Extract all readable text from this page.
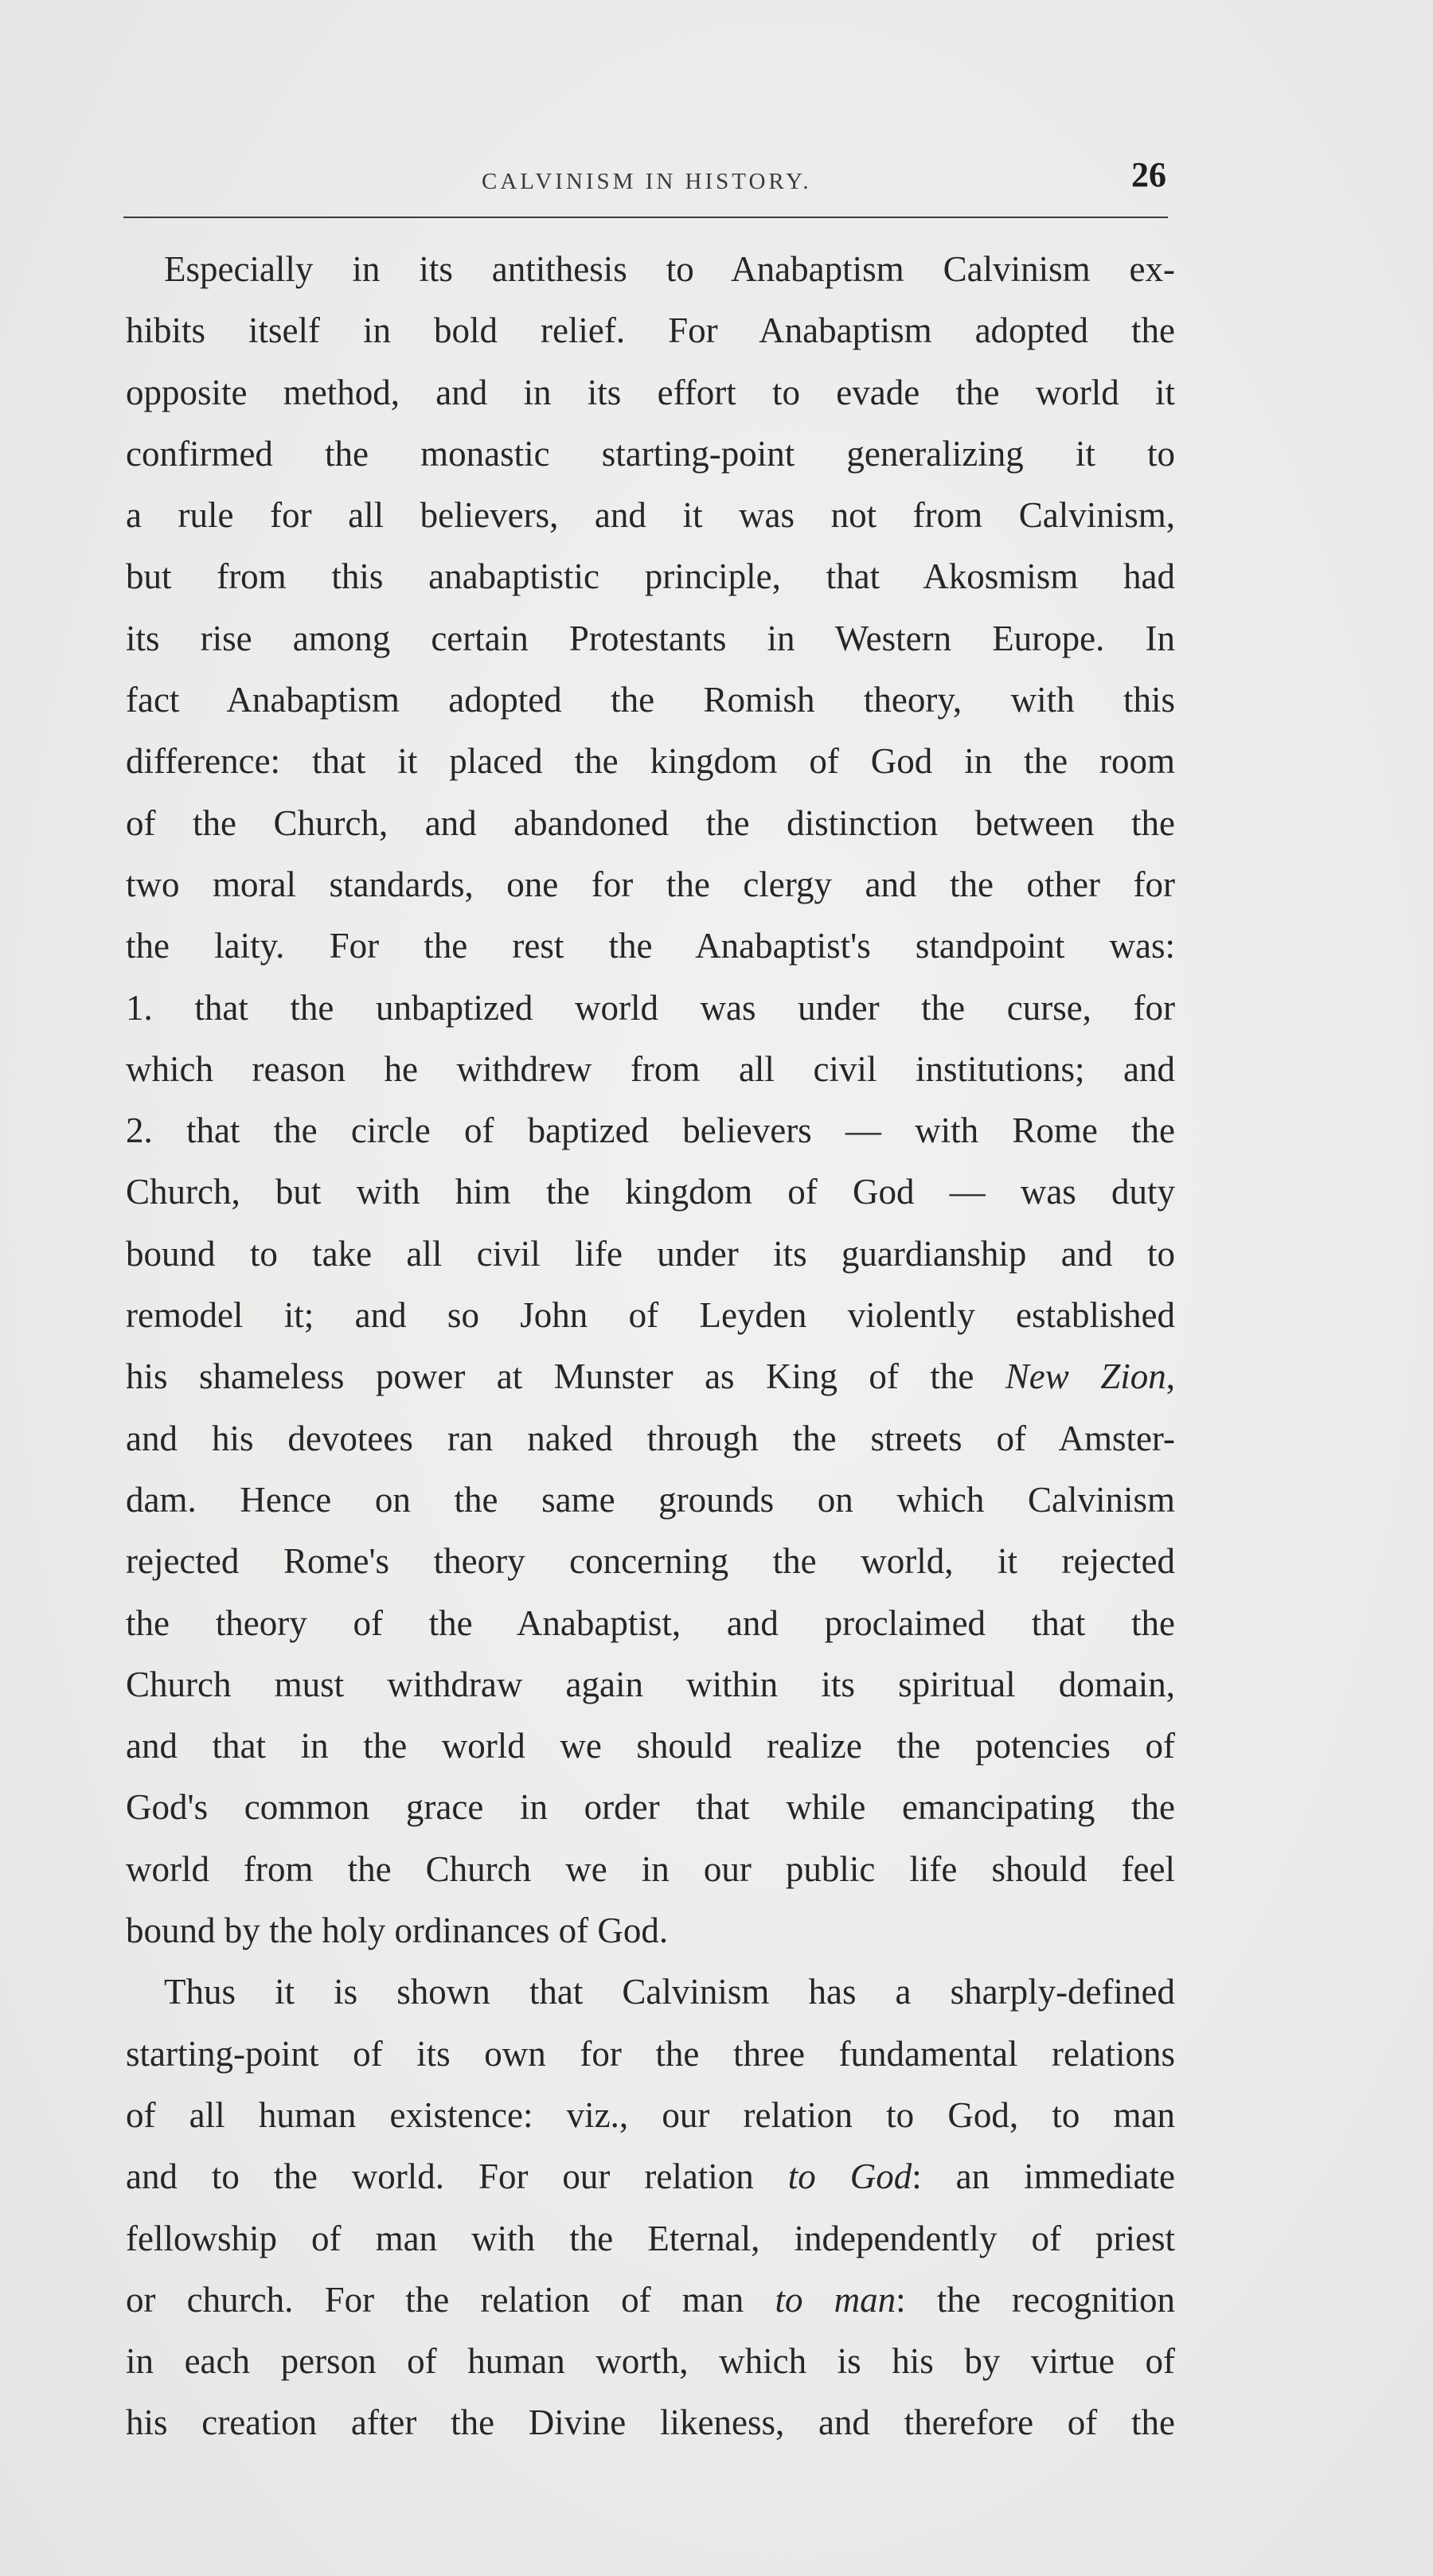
CALVINISM IN HISTORY.	26
Especially in its antithesis to Anabaptism Calvinism ex-
hibits itself in bold relief. For Anabaptism adopted the
opposite method, and in its effort to evade the world it
confirmed the monastic starting-point generalizing it to
a rule for all believers, and it was not from Calvinism,
but from this anabaptistic principle, that Akosmism had
its rise among certain Protestants in Western Europe. In
fact Anabaptism adopted the Romish theory, with this
difference: that it placed the kingdom of God in the room
of the Church, and abandoned the distinction between the
two moral standards, one for the clergy and the other for
the laity. For the rest the Anabaptist's standpoint was:
1. that the unbaptized world was under the curse, for
which reason he withdrew from all civil institutions; and
2. that the circle of baptized believers — with Rome the
Church, but with him the kingdom of God — was duty
bound to take all civil life under its guardianship and to
remodel it; and so John of Leyden violently established
his shameless power at Munster as King of the New Zion,
and his devotees ran naked through the streets of Amster-
dam. Hence on the same grounds on which Calvinism
rejected Rome's theory concerning the world, it rejected
the theory of the Anabaptist, and proclaimed that the
Church must withdraw again within its spiritual domain,
and that in the world we should realize the potencies of
God's common grace in order that while emancipating the
world from the Church we in our public life should feel
bound by the holy ordinances of God.
Thus it is shown that Calvinism has a sharply-defined
starting-point of its own for the three fundamental relations
of all human existence: viz., our relation to God, to man
and to the world. For our relation to God: an immediate
fellowship of man with the Eternal, independently of priest
or church. For the relation of man to man: the recognition
in each person of human worth, which is his by virtue of
his creation after the Divine likeness, and therefore of the
